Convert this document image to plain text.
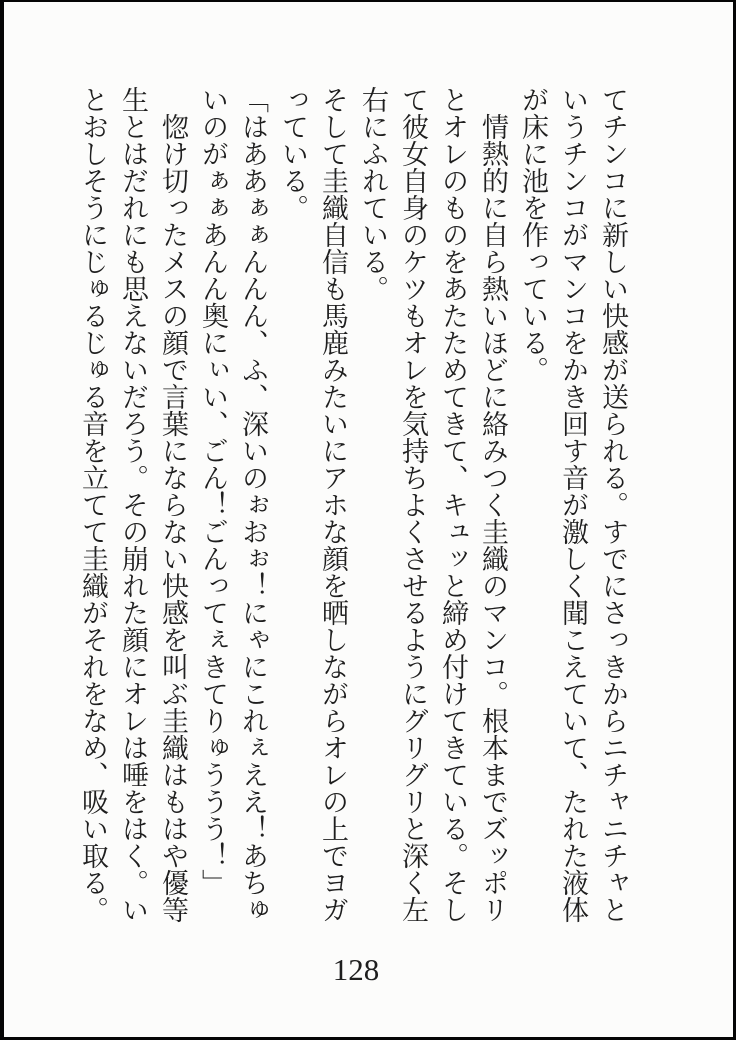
てチンコに新しい快感が送られる。すでにさっきからニチャニチャと

いうチンコがマンコをかき回す音が激しく聞こえていて、たれた液体

が床に池を作っている。

　情熱的に自ら熱いほどに絡みつく圭織のマンコ。根本までズッポリ

とオレのものをあたためてきて、キュッと締め付けてきている。そし

て彼女自身のケツもオレを気持ちよくさせるようにグリグリと深く左

右にふれている。

そして圭織自信も馬鹿みたいにアホな顔を晒しながらオレの上でヨガ

っている。

「はああぁぁんんん、ふ、深いのぉおぉ！にゃにこれぇええ！あちゅ

いのがぁぁあんん奥にぃい、ごん！ごんってぇきてりゅううう！」

　惚け切ったメスの顔で言葉にならない快感を叫ぶ圭織はもはや優等

生とはだれにも思えないだろう。その崩れた顔にオレは唾をはく。い

とおしそうにじゅるじゅる音を立てて圭織がそれをなめ、吸い取る。

128
